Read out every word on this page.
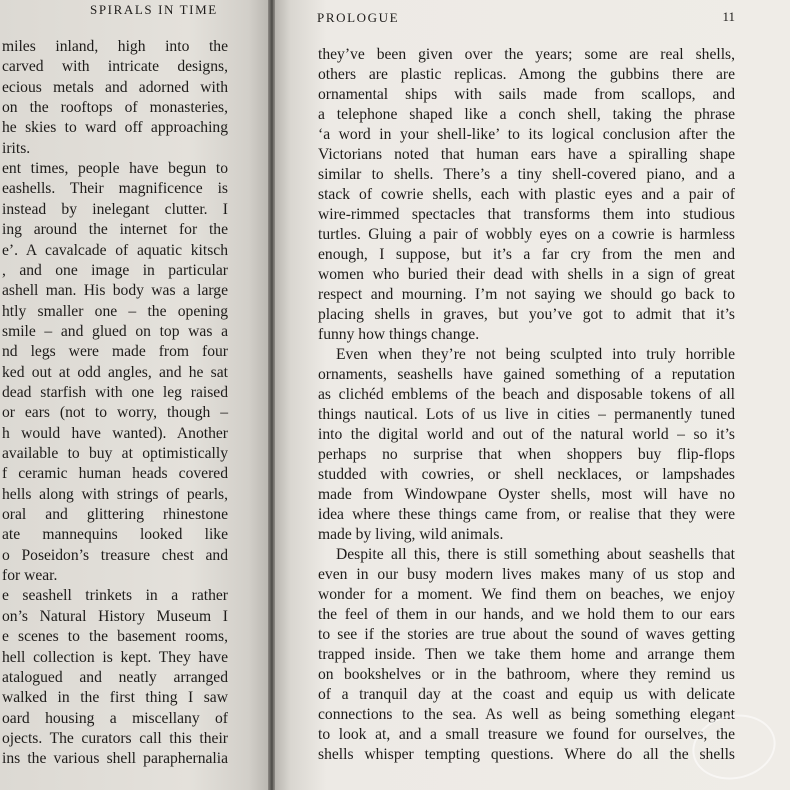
SPIRALS IN TIME
miles inland, high into the
carved with intricate designs,
ecious metals and adorned with
on the rooftops of monasteries,
he skies to ward off approaching
irits.
ent times, people have begun to
eashells. Their magnificence is
instead by inelegant clutter. I
ing around the internet for the
e’. A cavalcade of aquatic kitsch
, and one image in particular
ashell man. His body was a large
htly smaller one – the opening
smile – and glued on top was a
nd legs were made from four
ked out at odd angles, and he sat
dead starfish with one leg raised
or ears (not to worry, though –
h would have wanted). Another
available to buy at optimistically
f ceramic human heads covered
hells along with strings of pearls,
oral and glittering rhinestone
ate mannequins looked like
o Poseidon’s treasure chest and
for wear.
e seashell trinkets in a rather
on’s Natural History Museum I
e scenes to the basement rooms,
hell collection is kept. They have
atalogued and neatly arranged
walked in the first thing I saw
oard housing a miscellany of
ojects. The curators call this their
ins the various shell paraphernalia
PROLOGUE	11
they’ve been given over the years; some are real shells,
others are plastic replicas. Among the gubbins there are
ornamental ships with sails made from scallops, and
a telephone shaped like a conch shell, taking the phrase
‘a word in your shell-like’ to its logical conclusion after the
Victorians noted that human ears have a spiralling shape
similar to shells. There’s a tiny shell-covered piano, and a
stack of cowrie shells, each with plastic eyes and a pair of
wire-rimmed spectacles that transforms them into studious
turtles. Gluing a pair of wobbly eyes on a cowrie is harmless
enough, I suppose, but it’s a far cry from the men and
women who buried their dead with shells in a sign of great
respect and mourning. I’m not saying we should go back to
placing shells in graves, but you’ve got to admit that it’s
funny how things change.
Even when they’re not being sculpted into truly horrible
ornaments, seashells have gained something of a reputation
as clichéd emblems of the beach and disposable tokens of all
things nautical. Lots of us live in cities – permanently tuned
into the digital world and out of the natural world – so it’s
perhaps no surprise that when shoppers buy flip-flops
studded with cowries, or shell necklaces, or lampshades
made from Windowpane Oyster shells, most will have no
idea where these things came from, or realise that they were
made by living, wild animals.
Despite all this, there is still something about seashells that
even in our busy modern lives makes many of us stop and
wonder for a moment. We find them on beaches, we enjoy
the feel of them in our hands, and we hold them to our ears
to see if the stories are true about the sound of waves getting
trapped inside. Then we take them home and arrange them
on bookshelves or in the bathroom, where they remind us
of a tranquil day at the coast and equip us with delicate
connections to the sea. As well as being something elegant
to look at, and a small treasure we found for ourselves, the
shells whisper tempting questions. Where do all the shells
